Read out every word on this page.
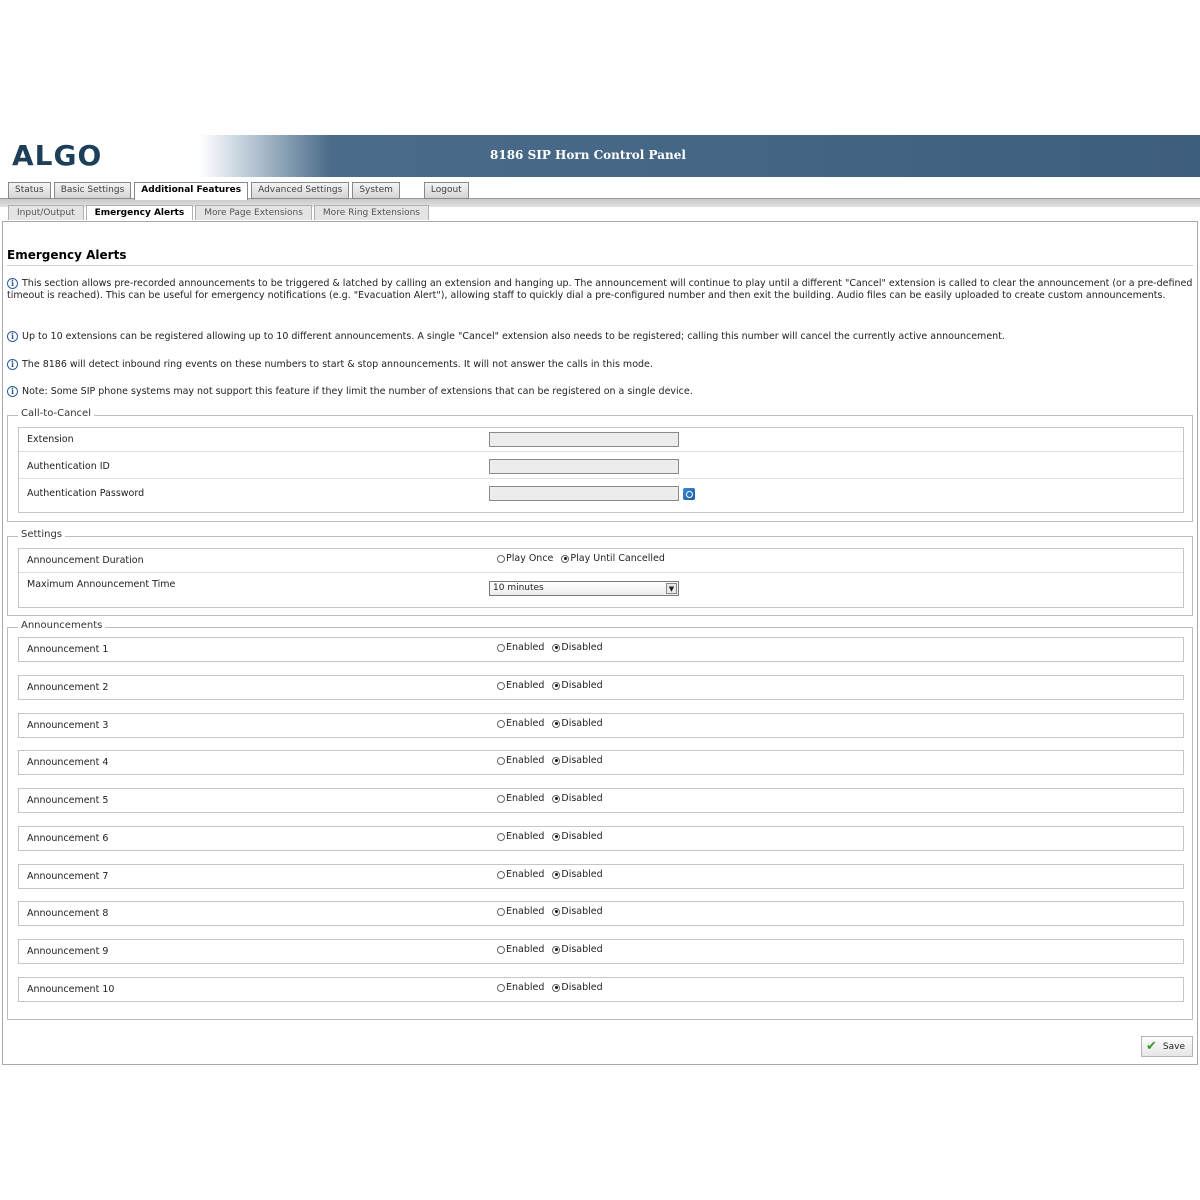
ALGO	8186 SIP Horn Control Panel
Status	Basic Settings	Additional Features	Advanced Settings	System	Logout
Input/Output	Emergency Alerts	More Page Extensions	More Ring Extensions
Emergency Alerts
i This section allows pre-recorded announcements to be triggered & latched by calling an extension and hanging up. The announcement will continue to play until a different "Cancel" extension is called to clear the announcement (or a pre-defined timeout is reached). This can be useful for emergency notifications (e.g. "Evacuation Alert"), allowing staff to quickly dial a pre-configured number and then exit the building. Audio files can be easily uploaded to create custom announcements.
i Up to 10 extensions can be registered allowing up to 10 different announcements. A single "Cancel" extension also needs to be registered; calling this number will cancel the currently active announcement.
i The 8186 will detect inbound ring events on these numbers to start & stop announcements. It will not answer the calls in this mode.
i Note: Some SIP phone systems may not support this feature if they limit the number of extensions that can be registered on a single device.
Call-to-Cancel
Extension
Authentication ID
Authentication Password
Settings
Announcement Duration	Play Once Play Until Cancelled
Maximum Announcement Time	10 minutes	▼
Announcements
Announcement 1	Enabled Disabled
Announcement 2	Enabled Disabled
Announcement 3	Enabled Disabled
Announcement 4	Enabled Disabled
Announcement 5	Enabled Disabled
Announcement 6	Enabled Disabled
Announcement 7	Enabled Disabled
Announcement 8	Enabled Disabled
Announcement 9	Enabled Disabled
Announcement 10	Enabled Disabled
✔ Save
